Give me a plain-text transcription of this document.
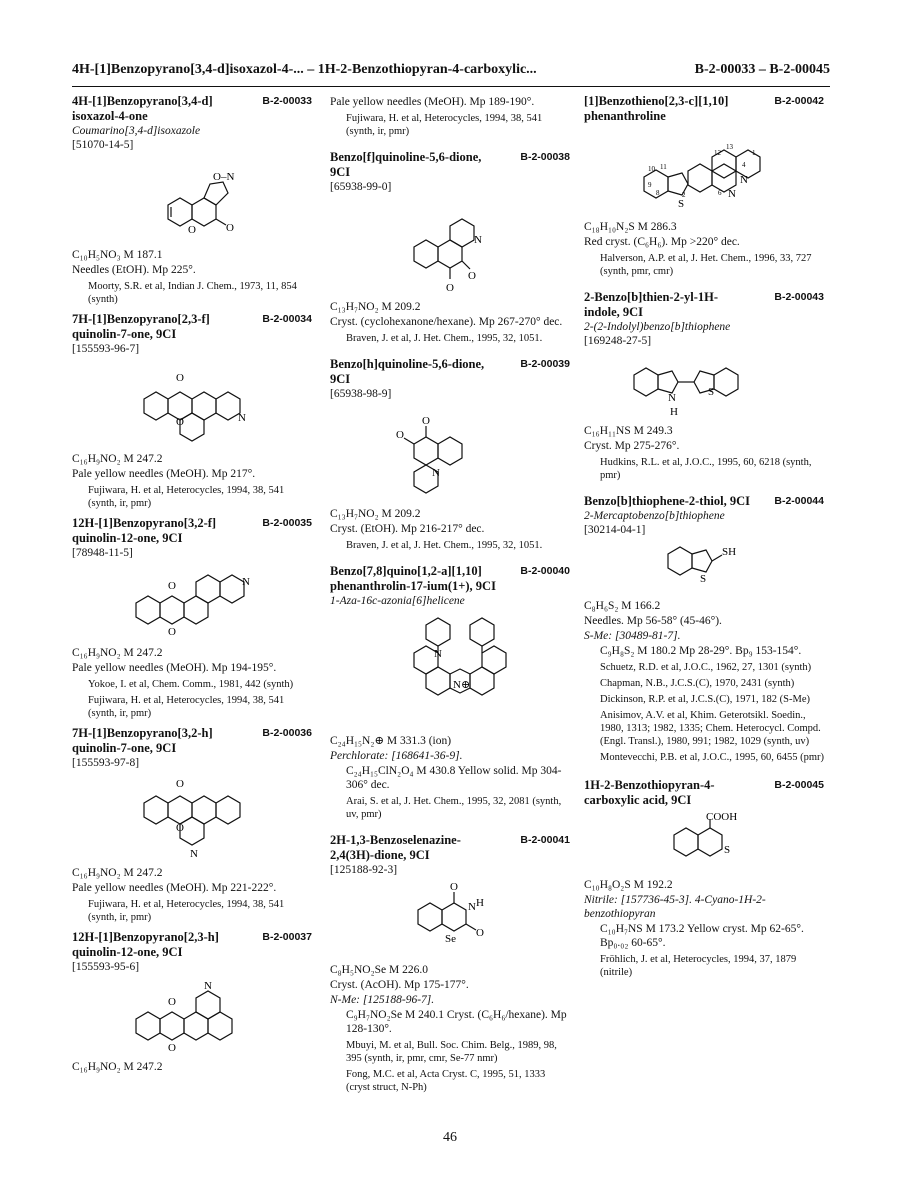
4H-[1]Benzopyrano[3,4-d]isoxazol-4-... – 1H-2-Benzothiopyran-4-carboxylic...	B-2-00033 – B-2-00045
4H-[1]Benzopyrano[3,4-d] isoxazol-4-one
B-2-00033
Coumarino[3,4-d]isoxazole
[51070-14-5]
O–N
O	O
C₁₀H₅NO₃ M 187.1
Needles (EtOH). Mp 225°.
Moorty, S.R. et al, Indian J. Chem., 1973, 11, 854 (synth)
7H-[1]Benzopyrano[2,3-f] quinolin-7-one, 9CI
B-2-00034
[155593-96-7]
O
O	N
C₁₆H₉NO₂ M 247.2
Pale yellow needles (MeOH). Mp 217°.
Fujiwara, H. et al, Heterocycles, 1994, 38, 541 (synth, ir, pmr)
12H-[1]Benzopyrano[3,2-f] quinolin-12-one, 9CI
B-2-00035
[78948-11-5]
O
O
N
C₁₆H₉NO₂ M 247.2
Pale yellow needles (MeOH). Mp 194-195°.
Yokoe, I. et al, Chem. Comm., 1981, 442 (synth)
Fujiwara, H. et al, Heterocycles, 1994, 38, 541 (synth, ir, pmr)
7H-[1]Benzopyrano[3,2-h] quinolin-7-one, 9CI
B-2-00036
[155593-97-8]
O
O
N
C₁₆H₉NO₂ M 247.2
Pale yellow needles (MeOH). Mp 221-222°.
Fujiwara, H. et al, Heterocycles, 1994, 38, 541 (synth, ir, pmr)
12H-[1]Benzopyrano[2,3-h] quinolin-12-one, 9CI
B-2-00037
[155593-95-6]
O
O
N
C₁₆H₉NO₂ M 247.2
Pale yellow needles (MeOH). Mp 189-190°.
Fujiwara, H. et al, Heterocycles, 1994, 38, 541 (synth, ir, pmr)
Benzo[f]quinoline-5,6-dione, 9CI
B-2-00038
[65938-99-0]
N
O
O
C₁₃H₇NO₂ M 209.2
Cryst. (cyclohexanone/hexane). Mp 267-270° dec.
Braven, J. et al, J. Het. Chem., 1995, 32, 1051.
Benzo[h]quinoline-5,6-dione, 9CI
B-2-00039
[65938-98-9]
O
O
N
C₁₃H₇NO₂ M 209.2
Cryst. (EtOH). Mp 216-217° dec.
Braven, J. et al, J. Het. Chem., 1995, 32, 1051.
Benzo[7,8]quino[1,2-a][1,10] phenanthrolin-17-ium(1+), 9CI
B-2-00040
1-Aza-16c-azonia[6]helicene
N
N⊕
C₂₄H₁₅N₂⊕ M 331.3 (ion)
Perchlorate: [168641-36-9].
C₂₄H₁₅ClN₂O₄ M 430.8 Yellow solid. Mp 304-306° dec.
Arai, S. et al, J. Het. Chem., 1995, 32, 2081 (synth, uv, pmr)
2H-1,3-Benzoselenazine- 2,4(3H)-dione, 9CI
B-2-00041
[125188-92-3]
O
N H
Se O
C₈H₅NO₂Se M 226.0
Cryst. (AcOH). Mp 175-177°.
N-Me: [125188-96-7].
C₉H₇NO₂Se M 240.1 Cryst. (C₆H₆/hexane). Mp 128-130°.
Mbuyi, M. et al, Bull. Soc. Chim. Belg., 1989, 98, 395 (synth, ir, pmr, cmr, Se-77 nmr)
Fong, M.C. et al, Acta Cryst. C, 1995, 51, 1333 (cryst struct, N-Ph)
[1]Benzothieno[2,3-c][1,10] phenanthroline
B-2-00042
S
N
N
10 11
9
8	2	6
12
13
4
1
C₁₈H₁₀N₂S M 286.3
Red cryst. (C₆H₆). Mp >220° dec.
Halverson, A.P. et al, J. Het. Chem., 1996, 33, 727 (synth, pmr, cmr)
2-Benzo[b]thien-2-yl-1H- indole, 9CI
B-2-00043
2-(2-Indolyl)benzo[b]thiophene
[169248-27-5]
N
H
S
C₁₆H₁₁NS M 249.3
Cryst. Mp 275-276°.
Hudkins, R.L. et al, J.O.C., 1995, 60, 6218 (synth, pmr)
Benzo[b]thiophene-2-thiol, 9CI	B-2-00044
2-Mercaptobenzo[b]thiophene
[30214-04-1]
SH
S
C₈H₆S₂ M 166.2
Needles. Mp 56-58° (45-46°).
S-Me: [30489-81-7].
C₉H₈S₂ M 180.2 Mp 28-29°. Bp₉ 153-154°.
Schuetz, R.D. et al, J.O.C., 1962, 27, 1301 (synth)
Chapman, N.B., J.C.S.(C), 1970, 2431 (synth)
Dickinson, R.P. et al, J.C.S.(C), 1971, 182 (S-Me)
Anisimov, A.V. et al, Khim. Geterotsikl. Soedin., 1980, 1313; 1982, 1335; Chem. Heterocycl. Compd. (Engl. Transl.), 1980, 991; 1982, 1029 (synth, uv)
Montevecchi, P.B. et al, J.O.C., 1995, 60, 6455 (pmr)
1H-2-Benzothiopyran-4- carboxylic acid, 9CI
B-2-00045
COOH
S
C₁₀H₈O₂S M 192.2
Nitrile: [157736-45-3]. 4-Cyano-1H-2-benzothiopyran
C₁₀H₇NS M 173.2 Yellow cryst. Mp 62-65°. Bp₀.₀₂ 60-65°.
Fröhlich, J. et al, Heterocycles, 1994, 37, 1879 (nitrile)
46
